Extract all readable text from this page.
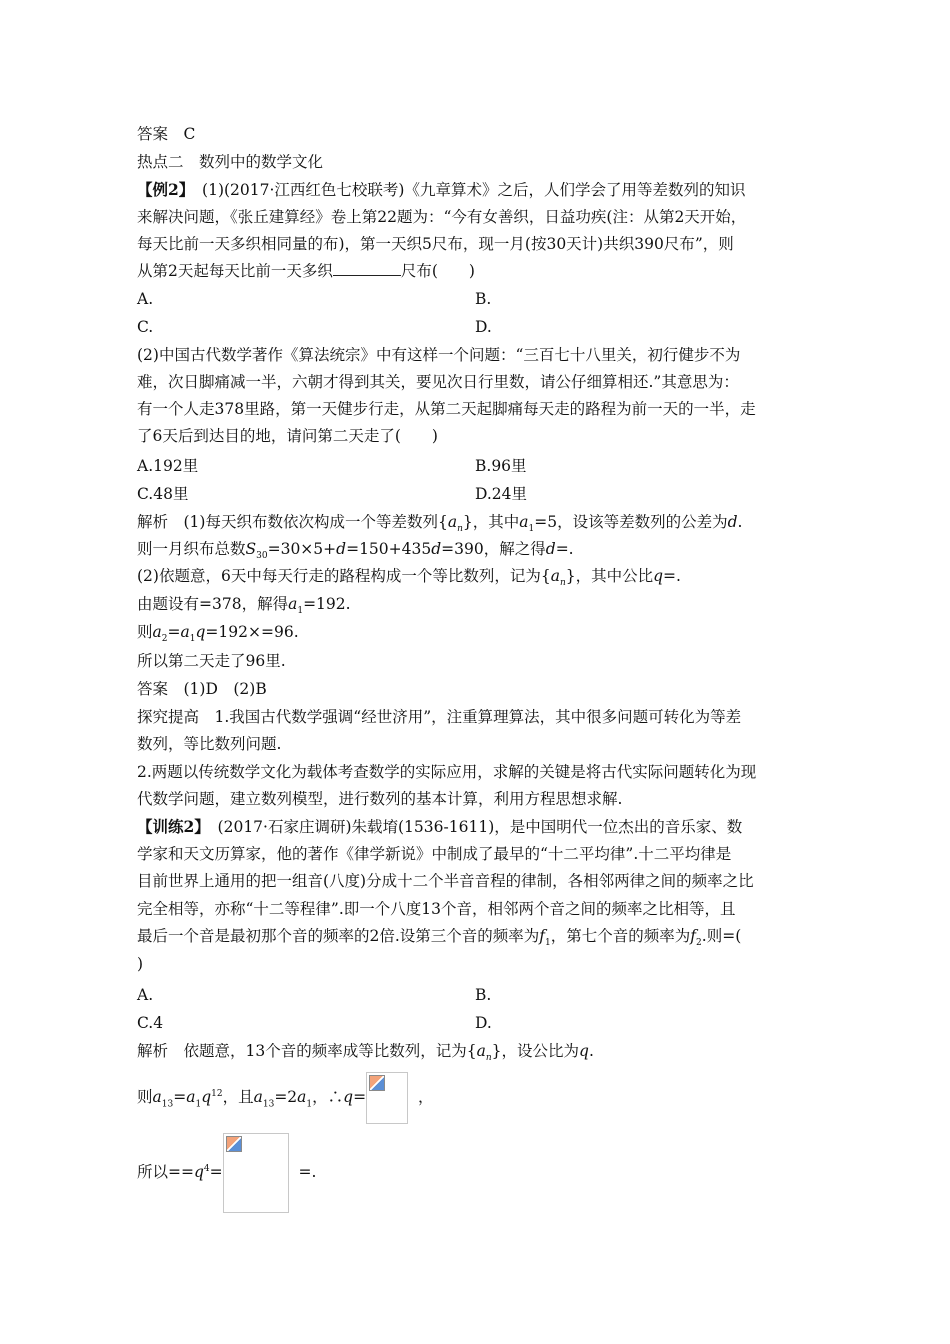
答案　C
热点二　数列中的数学文化
【例2】　(1)(2017·江西红色七校联考)《九章算术》之后，人们学会了用等差数列的知识
来解决问题，《张丘建算经》卷上第22题为：“今有女善织，日益功疾(注：从第2天开始，
每天比前一天多织相同量的布)，第一天织5尺布，现一月(按30天计)共织390尺布”，则
从第2天起每天比前一天多织	尺布(　　)
A.	B.
C.	D.
(2)中国古代数学著作《算法统宗》中有这样一个问题：“三百七十八里关，初行健步不为
难，次日脚痛减一半，六朝才得到其关，要见次日行里数，请公仔细算相还.”其意思为：
有一个人走378里路，第一天健步行走，从第二天起脚痛每天走的路程为前一天的一半，走
了6天后到达目的地，请问第二天走了(　　)
A.192里	B.96里
C.48里	D.24里
解析　(1)每天织布数依次构成一个等差数列$\{a_n\}$，其中$a_1=5$，设该等差数列的公差为d.
则一月织布总数$S_{30}=30\times 5+d=150+435d=390$，解之得d=.
(2)依题意，6天中每天行走的路程构成一个等比数列，记为$\{a_n\}$，其中公比q=.
由题设有=378，解得$a_1=192$.
则$a_2=a_1q=192\times=96$.
所以第二天走了96里.
答案　(1)D　(2)B
探究提高　1.我国古代数学强调“经世济用”，注重算理算法，其中很多问题可转化为等差
数列，等比数列问题.
2.两题以传统数学文化为载体考查数学的实际应用，求解的关键是将古代实际问题转化为现
代数学问题，建立数列模型，进行数列的基本计算，利用方程思想求解.
【训练2】　(2017·石家庄调研)朱载堉(1536-1611)，是中国明代一位杰出的音乐家、数
学家和天文历算家，他的著作《律学新说》中制成了最早的“十二平均律”.十二平均律是
目前世界上通用的把一组音(八度)分成十二个半音音程的律制，各相邻两律之间的频率之比
完全相等，亦称“十二等程律”.即一个八度13个音，相邻两个音之间的频率之比相等，且
最后一个音是最初那个音的频率的2倍.设第三个音的频率为$f_1$，第七个音的频率为$f_2$.则=(
)
A.	B.
C.4	D.
解析　依题意，13个音的频率成等比数列，记为$\{a_n\}$，设公比为q.
则$a_{13}=a_1q^{12}$，且$a_{13}=2a_1$，∴q=	，
所以$==q^4=$	=.
